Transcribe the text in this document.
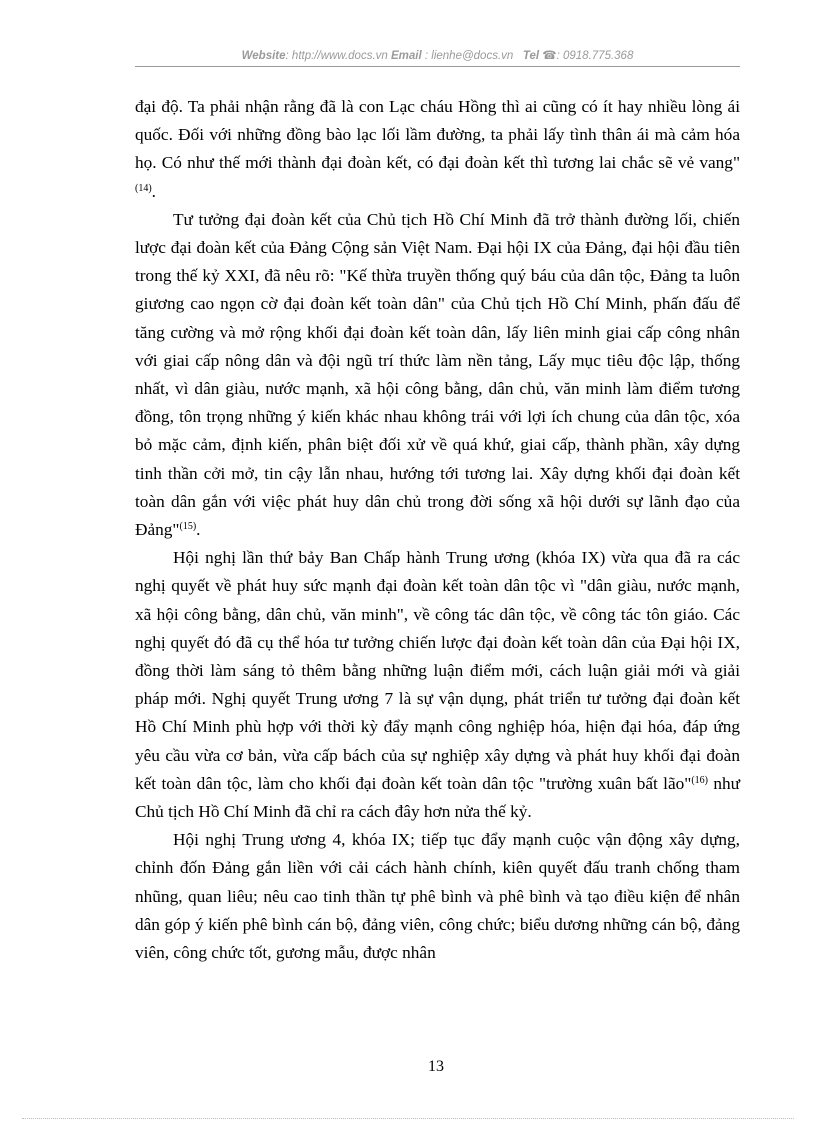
Website: http://www.docs.vn Email : lienhe@docs.vn Tel ☎: 0918.775.368

đại độ. Ta phải nhận rằng đã là con Lạc cháu Hồng thì ai cũng có ít hay nhiều lòng ái quốc. Đối với những đồng bào lạc lối lầm đường, ta phải lấy tình thân ái mà cảm hóa họ. Có như thế mới thành đại đoàn kết, có đại đoàn kết thì tương lai chắc sẽ vẻ vang"$^{(14)}$.

Tư tưởng đại đoàn kết của Chủ tịch Hồ Chí Minh đã trở thành đường lối, chiến lược đại đoàn kết của Đảng Cộng sản Việt Nam. Đại hội IX của Đảng, đại hội đầu tiên trong thế kỷ XXI, đã nêu rõ: "Kế thừa truyền thống quý báu của dân tộc, Đảng ta luôn giương cao ngọn cờ đại đoàn kết toàn dân" của Chủ tịch Hồ Chí Minh, phấn đấu để tăng cường và mở rộng khối đại đoàn kết toàn dân, lấy liên minh giai cấp công nhân với giai cấp nông dân và đội ngũ trí thức làm nền tảng, Lấy mục tiêu độc lập, thống nhất, vì dân giàu, nước mạnh, xã hội công bằng, dân chủ, văn minh làm điểm tương đồng, tôn trọng những ý kiến khác nhau không trái với lợi ích chung của dân tộc, xóa bỏ mặc cảm, định kiến, phân biệt đối xử về quá khứ, giai cấp, thành phần, xây dựng tinh thần cởi mở, tin cậy lẫn nhau, hướng tới tương lai. Xây dựng khối đại đoàn kết toàn dân gắn với việc phát huy dân chủ trong đời sống xã hội dưới sự lãnh đạo của Đảng"$^{(15)}$.

Hội nghị lần thứ bảy Ban Chấp hành Trung ương (khóa IX) vừa qua đã ra các nghị quyết về phát huy sức mạnh đại đoàn kết toàn dân tộc vì "dân giàu, nước mạnh, xã hội công bằng, dân chủ, văn minh", về công tác dân tộc, về công tác tôn giáo. Các nghị quyết đó đã cụ thể hóa tư tưởng chiến lược đại đoàn kết toàn dân của Đại hội IX, đồng thời làm sáng tỏ thêm bằng những luận điểm mới, cách luận giải mới và giải pháp mới. Nghị quyết Trung ương 7 là sự vận dụng, phát triển tư tưởng đại đoàn kết Hồ Chí Minh phù hợp với thời kỳ đẩy mạnh công nghiệp hóa, hiện đại hóa, đáp ứng yêu cầu vừa cơ bản, vừa cấp bách của sự nghiệp xây dựng và phát huy khối đại đoàn kết toàn dân tộc, làm cho khối đại đoàn kết toàn dân tộc "trường xuân bất lão"$^{(16)}$ như Chủ tịch Hồ Chí Minh đã chỉ ra cách đây hơn nửa thế kỷ.

Hội nghị Trung ương 4, khóa IX; tiếp tục đẩy mạnh cuộc vận động xây dựng, chỉnh đốn Đảng gắn liền với cải cách hành chính, kiên quyết đấu tranh chống tham nhũng, quan liêu; nêu cao tinh thần tự phê bình và phê bình và tạo điều kiện để nhân dân góp ý kiến phê bình cán bộ, đảng viên, công chức; biểu dương những cán bộ, đảng viên, công chức tốt, gương mẫu, được nhân

13
